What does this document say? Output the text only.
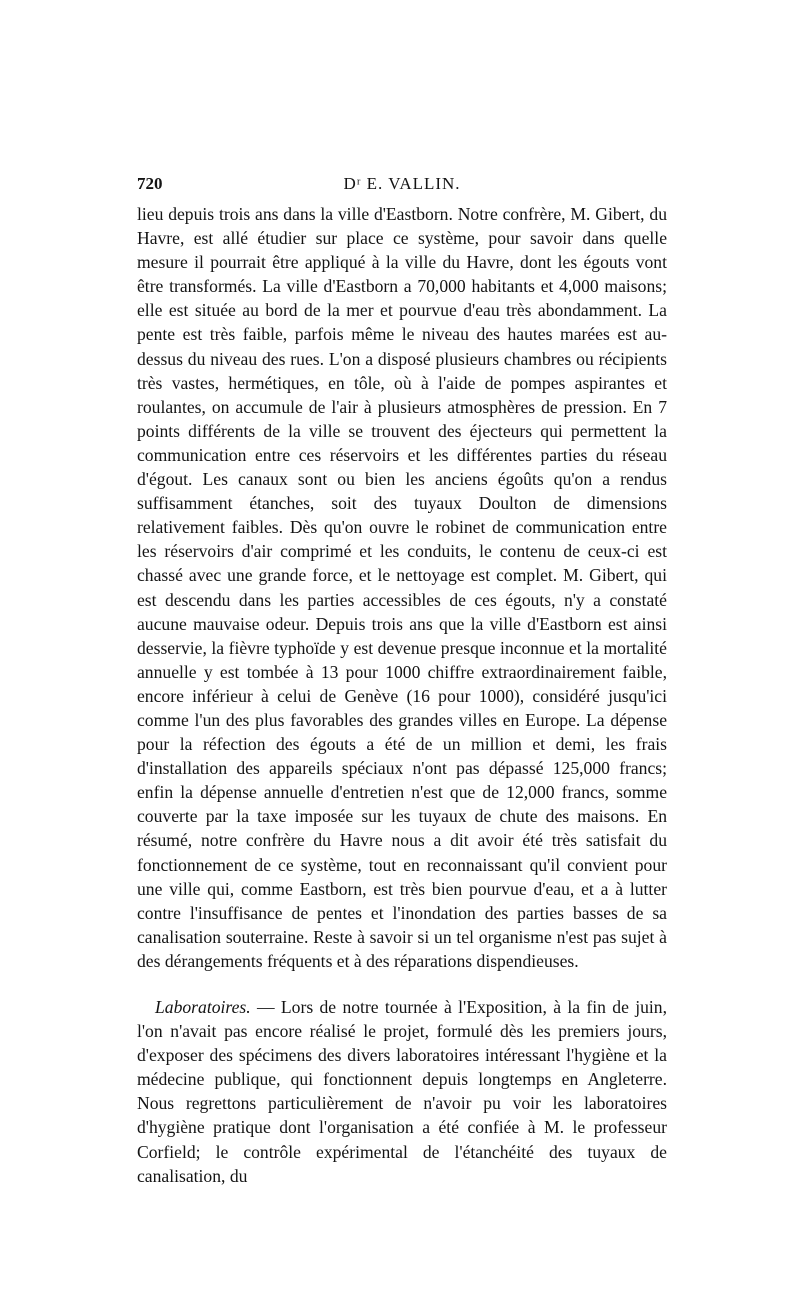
720	Dʳ E. VALLIN.

lieu depuis trois ans dans la ville d'Eastborn. Notre confrère, M. Gibert, du Havre, est allé étudier sur place ce système, pour savoir dans quelle mesure il pourrait être appliqué à la ville du Havre, dont les égouts vont être transformés. La ville d'Eastborn a 70,000 habitants et 4,000 maisons; elle est située au bord de la mer et pourvue d'eau très abondamment. La pente est très faible, parfois même le niveau des hautes marées est au-dessus du niveau des rues. L'on a disposé plusieurs chambres ou récipients très vastes, hermétiques, en tôle, où à l'aide de pompes aspirantes et roulantes, on accumule de l'air à plusieurs atmosphères de pression. En 7 points différents de la ville se trouvent des éjecteurs qui permettent la communication entre ces réservoirs et les différentes parties du réseau d'égout. Les canaux sont ou bien les anciens égoûts qu'on a rendus suffisamment étanches, soit des tuyaux Doulton de dimensions relativement faibles. Dès qu'on ouvre le robinet de communication entre les réservoirs d'air comprimé et les conduits, le contenu de ceux-ci est chassé avec une grande force, et le nettoyage est complet. M. Gibert, qui est descendu dans les parties accessibles de ces égouts, n'y a constaté aucune mauvaise odeur. Depuis trois ans que la ville d'Eastborn est ainsi desservie, la fièvre typhoïde y est devenue presque inconnue et la mortalité annuelle y est tombée à 13 pour 1000 chiffre extraordinairement faible, encore inférieur à celui de Genève (16 pour 1000), considéré jusqu'ici comme l'un des plus favorables des grandes villes en Europe. La dépense pour la réfection des égouts a été de un million et demi, les frais d'installation des appareils spéciaux n'ont pas dépassé 125,000 francs; enfin la dépense annuelle d'entretien n'est que de 12,000 francs, somme couverte par la taxe imposée sur les tuyaux de chute des maisons. En résumé, notre confrère du Havre nous a dit avoir été très satisfait du fonctionnement de ce système, tout en reconnaissant qu'il convient pour une ville qui, comme Eastborn, est très bien pourvue d'eau, et a à lutter contre l'insuffisance de pentes et l'inondation des parties basses de sa canalisation souterraine. Reste à savoir si un tel organisme n'est pas sujet à des dérangements fréquents et à des réparations dispendieuses.

Laboratoires. — Lors de notre tournée à l'Exposition, à la fin de juin, l'on n'avait pas encore réalisé le projet, formulé dès les premiers jours, d'exposer des spécimens des divers laboratoires intéressant l'hygiène et la médecine publique, qui fonctionnent depuis longtemps en Angleterre. Nous regrettons particulièrement de n'avoir pu voir les laboratoires d'hygiène pratique dont l'organisation a été confiée à M. le professeur Corfield; le contrôle expérimental de l'étanchéité des tuyaux de canalisation, du
